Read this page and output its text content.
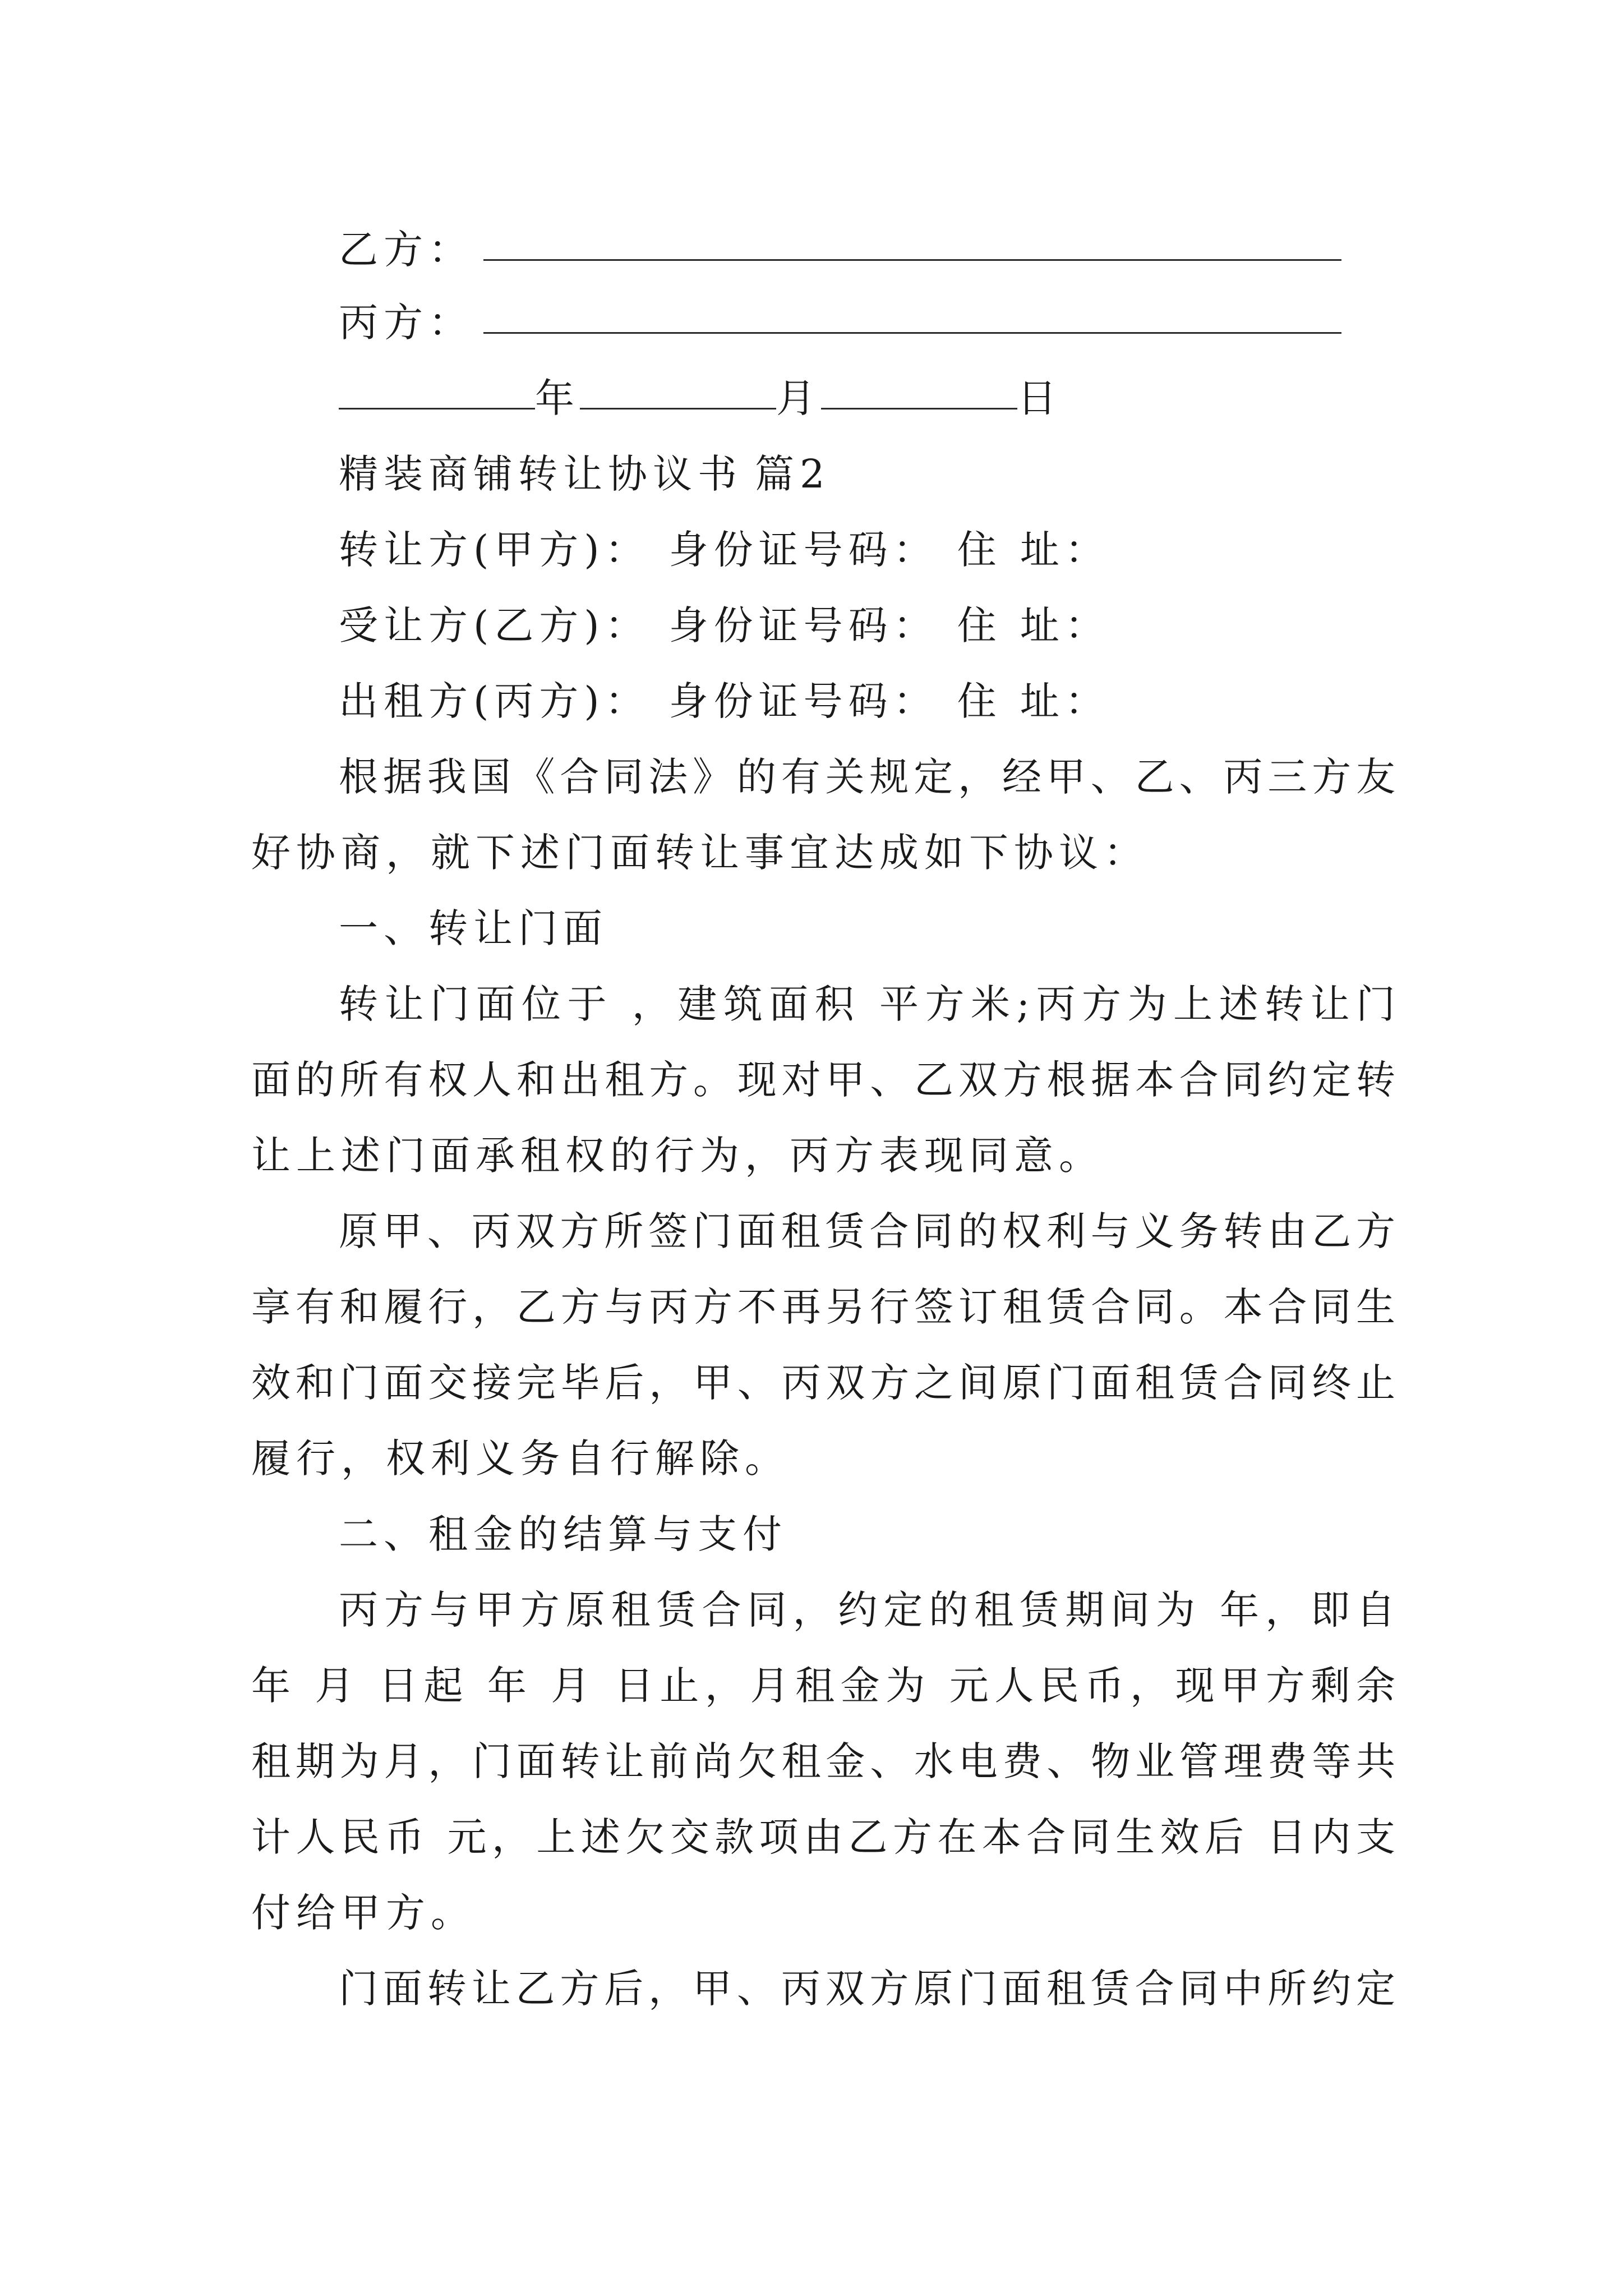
乙方：
丙方：
年	月	日
精装商铺转让协议书 篇2
转让方(甲方)： 身份证号码： 住 址：
受让方(乙方)： 身份证号码： 住 址：
出租方(丙方)： 身份证号码： 住 址：
根据我国《合同法》的有关规定，经甲、乙、丙三方友
好协商，就下述门面转让事宜达成如下协议：
一、转让门面
转让门面位于 ，建筑面积 平方米;丙方为上述转让门
面的所有权人和出租方。现对甲、乙双方根据本合同约定转
让上述门面承租权的行为，丙方表现同意。
原甲、丙双方所签门面租赁合同的权利与义务转由乙方
享有和履行，乙方与丙方不再另行签订租赁合同。本合同生
效和门面交接完毕后，甲、丙双方之间原门面租赁合同终止
履行，权利义务自行解除。
二、租金的结算与支付
丙方与甲方原租赁合同，约定的租赁期间为 年，即自
年 月 日起 年 月 日止，月租金为 元人民币，现甲方剩余
租期为月，门面转让前尚欠租金、水电费、物业管理费等共
计人民币 元，上述欠交款项由乙方在本合同生效后 日内支
付给甲方。
门面转让乙方后，甲、丙双方原门面租赁合同中所约定
